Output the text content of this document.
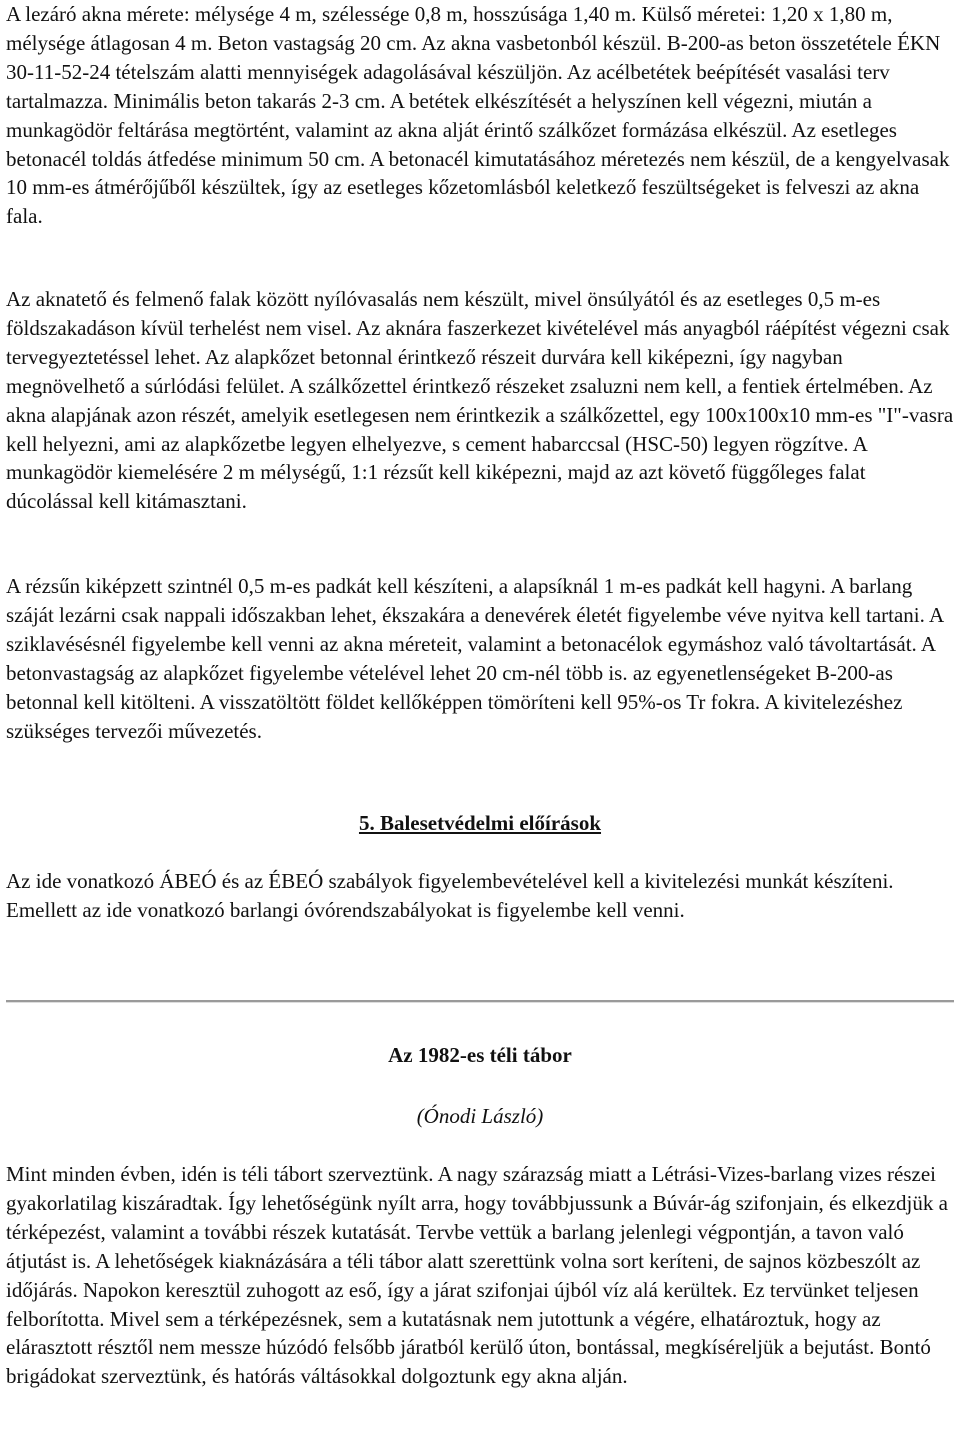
A lezáró akna mérete: mélysége 4 m, szélessége 0,8 m, hosszúsága 1,40 m. Külső méretei: 1,20 x 1,80 m, mélysége átlagosan 4 m. Beton vastagság 20 cm. Az akna vasbetonból készül. B-200-as beton összetétele ÉKN 30-11-52-24 tételszám alatti mennyiségek adagolásával készüljön. Az acélbetétek beépítését vasalási terv tartalmazza. Minimális beton takarás 2-3 cm. A betétek elkészítését a helyszínen kell végezni, miután a munkagödör feltárása megtörtént, valamint az akna alját érintő szálkőzet formázása elkészül. Az esetleges betonacél toldás átfedése minimum 50 cm. A betonacél kimutatásához méretezés nem készül, de a kengyelvasak 10 mm-es átmérőjűből készültek, így az esetleges kőzetomlásból keletkező feszültségeket is felveszi az akna fala.

Az aknatető és felmenő falak között nyílóvasalás nem készült, mivel önsúlyától és az esetleges 0,5 m-es földszakadáson kívül terhelést nem visel. Az aknára faszerkezet kivételével más anyagból ráépítést végezni csak tervegyeztetéssel lehet. Az alapkőzet betonnal érintkező részeit durvára kell kiképezni, így nagyban megnövelhető a súrlódási felület. A szálkőzettel érintkező részeket zsaluzni nem kell, a fentiek értelmében. Az akna alapjának azon részét, amelyik esetlegesen nem érintkezik a szálkőzettel, egy 100x100x10 mm-es "I"-vasra kell helyezni, ami az alapkőzetbe legyen elhelyezve, s cement habarccsal (HSC-50) legyen rögzítve. A munkagödör kiemelésére 2 m mélységű, 1:1 rézsűt kell kiképezni, majd az azt követő függőleges falat dúcolással kell kitámasztani.

A rézsűn kiképzett szintnél 0,5 m-es padkát kell készíteni, a alapsíknál 1 m-es padkát kell hagyni. A barlang száját lezárni csak nappali időszakban lehet, ékszakára a denevérek életét figyelembe véve nyitva kell tartani. A sziklavésésnél figyelembe kell venni az akna méreteit, valamint a betonacélok egymáshoz való távoltartását. A betonvastagság az alapkőzet figyelembe vételével lehet 20 cm-nél több is. az egyenetlenségeket B-200-as betonnal kell kitölteni. A visszatöltött földet kellőképpen tömöríteni kell 95%-os Tr fokra. A kivitelezéshez szükséges tervezői művezetés.

5. Balesetvédelmi előírások

Az ide vonatkozó ÁBEÓ és az ÉBEÓ szabályok figyelembevételével kell a kivitelezési munkát készíteni. Emellett az ide vonatkozó barlangi óvórendszabályokat is figyelembe kell venni.

Az 1982-es téli tábor

(Ónodi László)

Mint minden évben, idén is téli tábort szerveztünk. A nagy szárazság miatt a Létrási-Vizes-barlang vizes részei gyakorlatilag kiszáradtak. Így lehetőségünk nyílt arra, hogy továbbjussunk a Búvár-ág szifonjain, és elkezdjük a térképezést, valamint a további részek kutatását. Tervbe vettük a barlang jelenlegi végpontján, a tavon való átjutást is. A lehetőségek kiaknázására a téli tábor alatt szerettünk volna sort keríteni, de sajnos közbeszólt az időjárás. Napokon keresztül zuhogott az eső, így a járat szifonjai újból víz alá kerültek. Ez tervünket teljesen felborította. Mivel sem a térképezésnek, sem a kutatásnak nem jutottunk a végére, elhatároztuk, hogy az elárasztott résztől nem messze húzódó felsőbb járatból kerülő úton, bontással, megkíséreljük a bejutást. Bontó brigádokat szerveztünk, és hatórás váltásokkal dolgoztunk egy akna alján.
